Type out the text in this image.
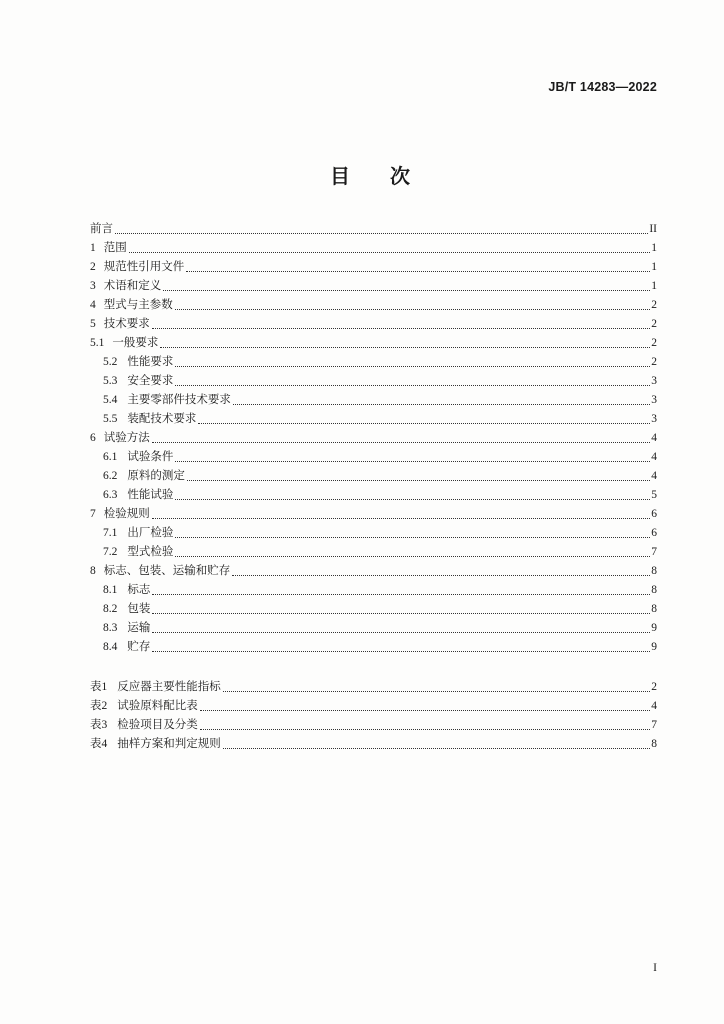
JB/T 14283—2022
目　次
前言	II
1 范围	1
2 规范性引用文件	1
3 术语和定义	1
4 型式与主参数	2
5 技术要求	2
5.1 一般要求	2
5.2 性能要求	2
5.3 安全要求	3
5.4 主要零部件技术要求	3
5.5 装配技术要求	3
6 试验方法	4
6.1 试验条件	4
6.2 原料的测定	4
6.3 性能试验	5
7 检验规则	6
7.1 出厂检验	6
7.2 型式检验	7
8 标志、包装、运输和贮存	8
8.1 标志	8
8.2 包装	8
8.3 运输	9
8.4 贮存	9
表1 反应器主要性能指标	2
表2 试验原料配比表	4
表3 检验项目及分类	7
表4 抽样方案和判定规则	8
I
